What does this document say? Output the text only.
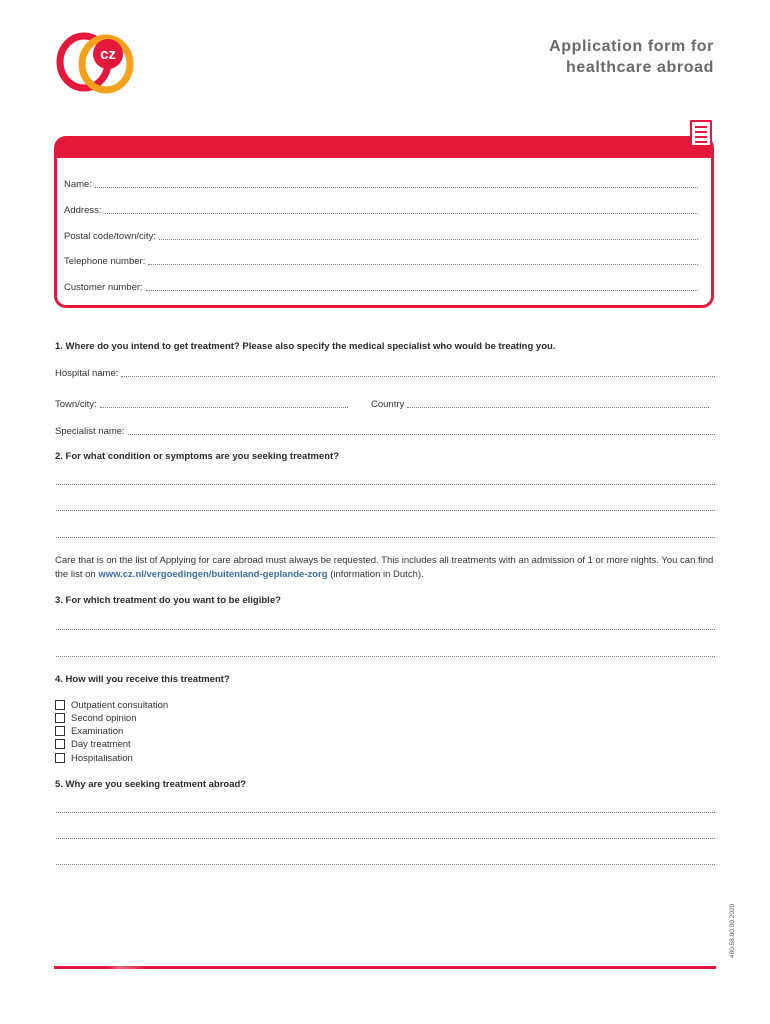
cz	Application form for
healthcare abroad
Name:
Address:
Postal code/town/city:
Telephone number:
Customer number:
1. Where do you intend to get treatment? Please also specify the medical specialist who would be treating you.
Hospital name:
Town/city:	Country
Specialist name:
2. For what condition or symptoms are you seeking treatment?
Care that is on the list of Applying for care abroad must always be requested. This includes all treatments with an admission of 1 or more nights. You can find the list on www.cz.nl/vergoedingen/buitenland-geplande-zorg (information in Dutch).
3. For which treatment do you want to be eligible?
4. How will you receive this treatment?
Outpatient consultation
Second opinion
Examination
Day treatment
Hospitalisation
5. Why are you seeking treatment abroad?
480.58.00.00.2020
